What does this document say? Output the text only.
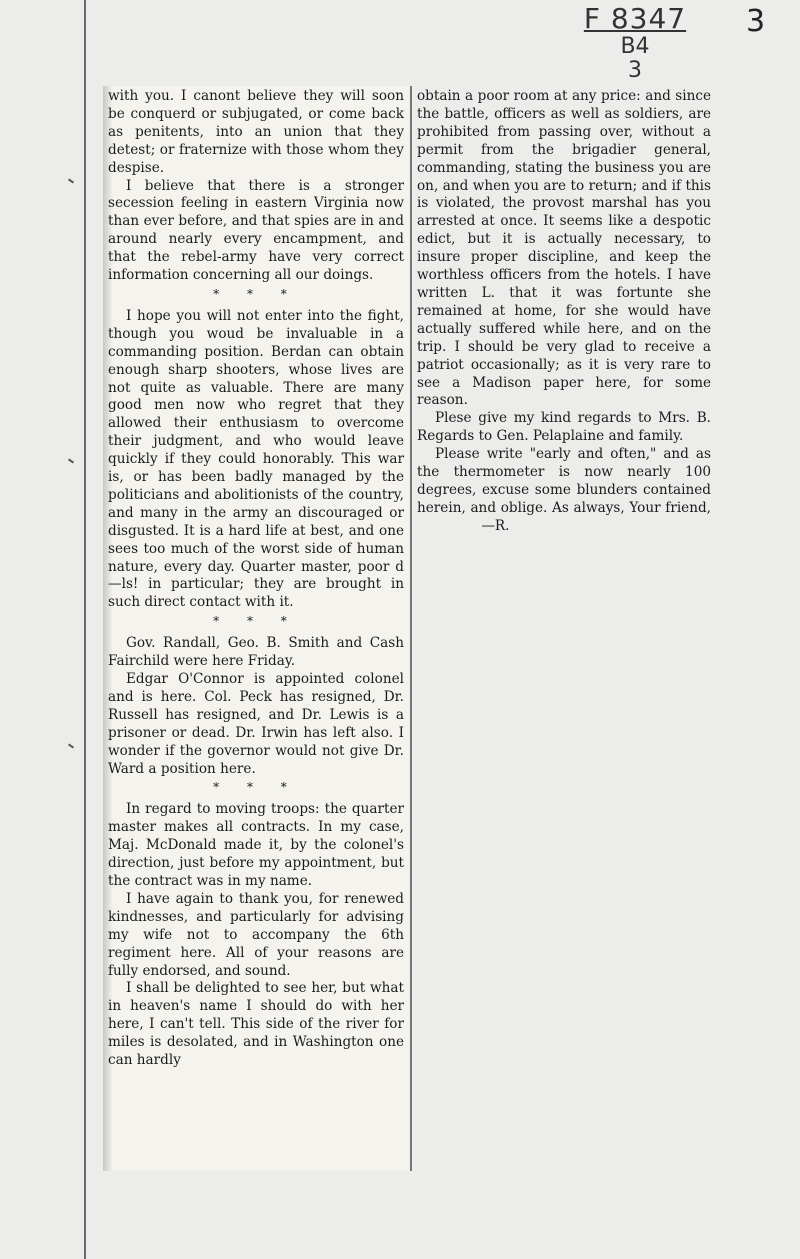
F 8347
B4
3
3

with you. I canont believe they will soon be conquerd or subjugated, or come back as penitents, into an union that they detest; or fraternize with those whom they despise.

I believe that there is a stronger secession feeling in eastern Virginia now than ever before, and that spies are in and around nearly every encampment, and that the rebel-army have very correct information concerning all our doings.

* * *

I hope you will not enter into the fight, though you woud be invaluable in a commanding position. Berdan can obtain enough sharp shooters, whose lives are not quite as valuable. There are many good men now who regret that they allowed their enthusiasm to overcome their judgment, and who would leave quickly if they could honorably. This war is, or has been badly managed by the politicians and abolitionists of the country, and many in the army an discouraged or disgusted. It is a hard life at best, and one sees too much of the worst side of human nature, every day. Quarter master, poor d—ls! in particular; they are brought in such direct contact with it.

* * *

Gov. Randall, Geo. B. Smith and Cash Fairchild were here Friday.

Edgar O'Connor is appointed colonel and is here. Col. Peck has resigned, Dr. Russell has resigned, and Dr. Lewis is a prisoner or dead. Dr. Irwin has left also. I wonder if the governor would not give Dr. Ward a position here.

* * *

In regard to moving troops: the quarter master makes all contracts. In my case, Maj. McDonald made it, by the colonel's direction, just before my appointment, but the contract was in my name.

I have again to thank you, for renewed kindnesses, and particularly for advising my wife not to accompany the 6th regiment here. All of your reasons are fully endorsed, and sound.

I shall be delighted to see her, but what in heaven's name I should do with her here, I can't tell. This side of the river for miles is desolated, and in Washington one can hardly

obtain a poor room at any price: and since the battle, officers as well as soldiers, are prohibited from passing over, without a permit from the brigadier general, commanding, stating the business you are on, and when you are to return; and if this is violated, the provost marshal has you arrested at once. It seems like a despotic edict, but it is actually necessary, to insure proper discipline, and keep the worthless officers from the hotels. I have written L. that it was fortunte she remained at home, for she would have actually suffered while here, and on the trip. I should be very glad to receive a patriot occasionally; as it is very rare to see a Madison paper here, for some reason.

Plese give my kind regards to Mrs. B. Regards to Gen. Pelaplaine and family.

Please write "early and often," and as the thermometer is now nearly 100 degrees, excuse some blunders contained herein, and oblige. As always, Your friend,  —R.
